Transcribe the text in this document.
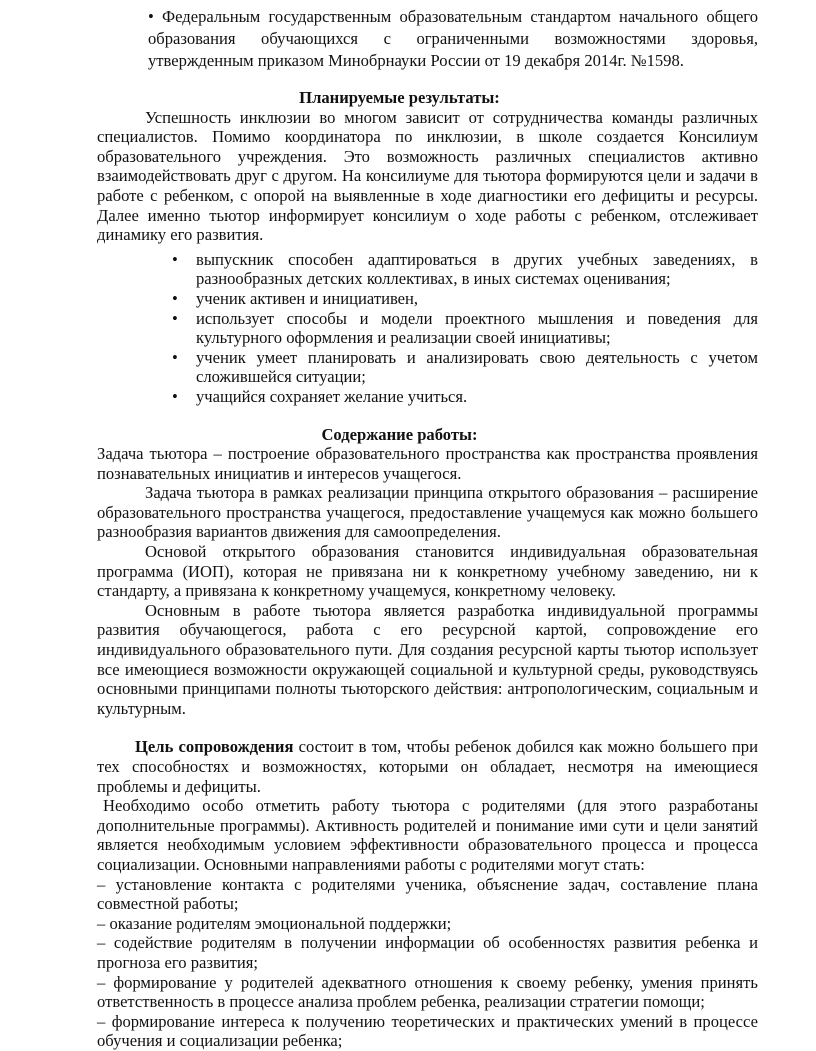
• Федеральным государственным образовательным стандартом начального общего образования обучающихся с ограниченными возможностями здоровья, утвержденным приказом Минобрнауки России от 19 декабря 2014г. №1598.

Планируемые результаты:

Успешность инклюзии во многом зависит от сотрудничества команды различных специалистов. Помимо координатора по инклюзии, в школе создается Консилиум образовательного учреждения. Это возможность различных специалистов активно взаимодействовать друг с другом. На консилиуме для тьютора формируются цели и задачи в работе с ребенком, с опорой на выявленные в ходе диагностики его дефициты и ресурсы. Далее именно тьютор информирует консилиум о ходе работы с ребенком, отслеживает динамику его развития.

• выпускник способен адаптироваться в других учебных заведениях, в разнообразных детских коллективах, в иных системах оценивания;
• ученик активен и инициативен,
• использует способы и модели проектного мышления и поведения для культурного оформления и реализации своей инициативы;
• ученик умеет планировать и анализировать свою деятельность с учетом сложившейся ситуации;
• учащийся сохраняет желание учиться.

Содержание работы:

Задача тьютора – построение образовательного пространства как пространства проявления познавательных инициатив и интересов учащегося.

Задача тьютора в рамках реализации принципа открытого образования – расширение образовательного пространства учащегося, предоставление учащемуся как можно большего разнообразия вариантов движения для самоопределения.

Основой открытого образования становится индивидуальная образовательная программа (ИОП), которая не привязана ни к конкретному учебному заведению, ни к стандарту, а привязана к конкретному учащемуся, конкретному человеку.

Основным в работе тьютора является разработка индивидуальной программы развития обучающегося, работа с его ресурсной картой, сопровождение его индивидуального образовательного пути. Для создания ресурсной карты тьютор использует все имеющиеся возможности окружающей социальной и культурной среды, руководствуясь основными принципами полноты тьюторского действия: антропологическим, социальным и культурным.

Цель сопровождения состоит в том, чтобы ребенок добился как можно большего при тех способностях и возможностях, которыми он обладает, несмотря на имеющиеся проблемы и дефициты.

Необходимо особо отметить работу тьютора с родителями (для этого разработаны дополнительные программы). Активность родителей и понимание ими сути и цели занятий является необходимым условием эффективности образовательного процесса и процесса социализации. Основными направлениями работы с родителями могут стать:

– установление контакта с родителями ученика, объяснение задач, составление плана совместной работы;

– оказание родителям эмоциональной поддержки;

– содействие родителям в получении информации об особенностях развития ребенка и прогноза его развития;

– формирование у родителей адекватного отношения к своему ребенку, умения принять ответственность в процессе анализа проблем ребенка, реализации стратегии помощи;

– формирование интереса к получению теоретических и практических умений в процессе обучения и социализации ребенка;
